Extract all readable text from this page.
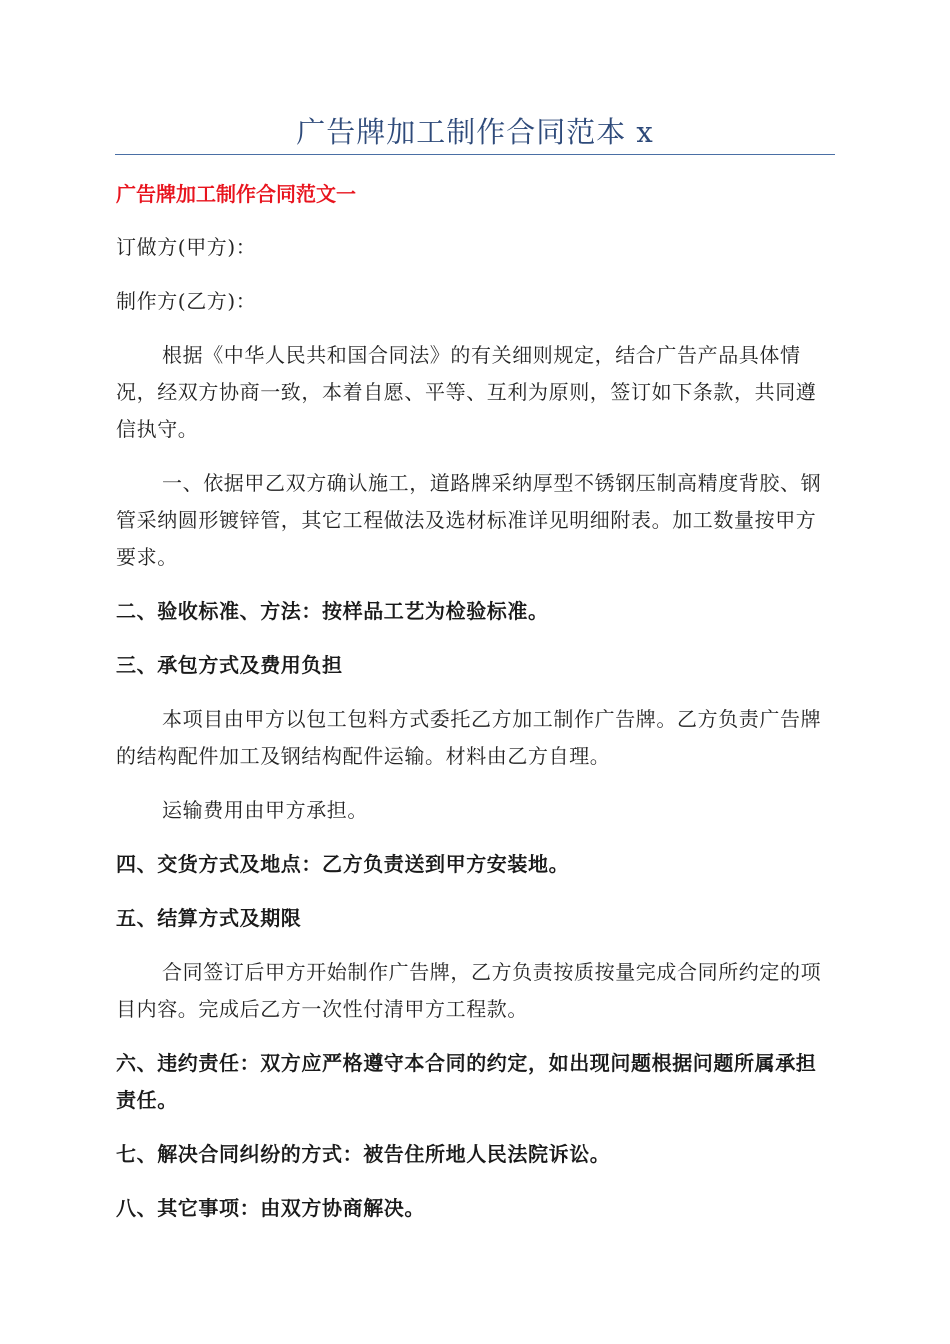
广告牌加工制作合同范本 x
广告牌加工制作合同范文一
订做方(甲方)：
制作方(乙方)：
根据《中华人民共和国合同法》的有关细则规定，结合广告产品具体情况，经双方协商一致，本着自愿、平等、互利为原则，签订如下条款，共同遵信执守。
一、依据甲乙双方确认施工，道路牌采纳厚型不锈钢压制高精度背胶、钢管采纳圆形镀锌管，其它工程做法及选材标准详见明细附表。加工数量按甲方要求。
二、验收标准、方法：按样品工艺为检验标准。
三、承包方式及费用负担
本项目由甲方以包工包料方式委托乙方加工制作广告牌。乙方负责广告牌的结构配件加工及钢结构配件运输。材料由乙方自理。
运输费用由甲方承担。
四、交货方式及地点：乙方负责送到甲方安装地。
五、结算方式及期限
合同签订后甲方开始制作广告牌，乙方负责按质按量完成合同所约定的项目内容。完成后乙方一次性付清甲方工程款。
六、违约责任：双方应严格遵守本合同的约定，如出现问题根据问题所属承担责任。
七、解决合同纠纷的方式：被告住所地人民法院诉讼。
八、其它事项：由双方协商解决。
